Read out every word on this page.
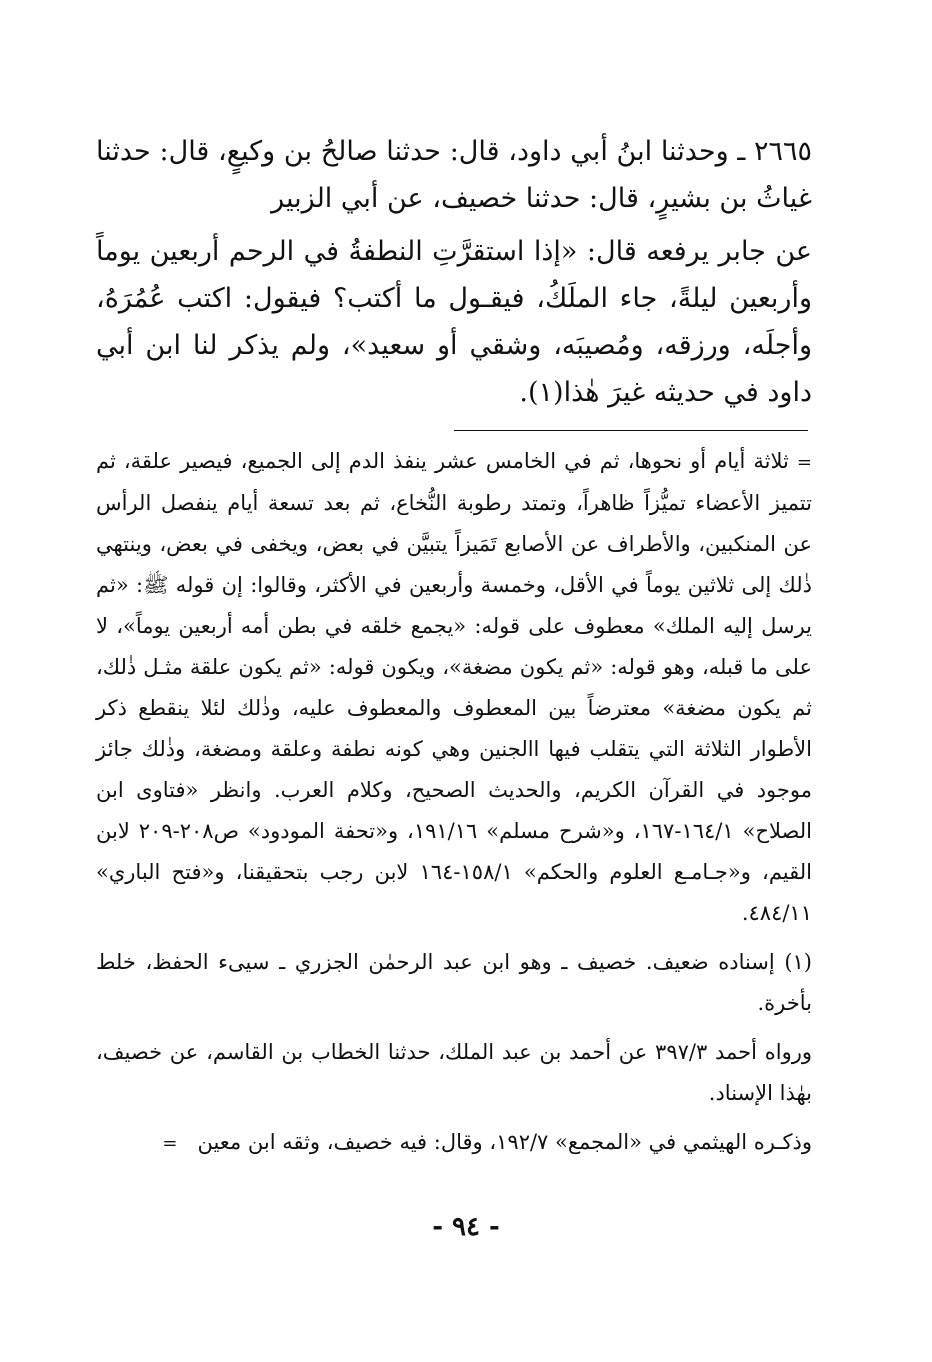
٢٦٦٥ ـ وحدثنا ابنُ أبي داود، قال: حدثنا صالحُ بن وكيعٍ، قال: حدثنا غياثُ بن بشيرٍ، قال: حدثنا خصيف، عن أبي الزبير

عن جابر يرفعه قال: «إذا استقرَّتِ النطفةُ في الرحم أربعين يوماً وأربعين ليلةً، جاء الملَكُ، فيقـول ما أكتب؟ فيقول: اكتب عُمُرَهُ، وأجلَه، ورزقه، ومُصيبَه، وشقي أو سعيد»، ولم يذكر لنا ابن أبي داود في حديثه غيرَ هٰذا(١).

= ثلاثة أيام أو نحوها، ثم في الخامس عشر ينفذ الدم إلى الجميع، فيصير علقة، ثم تتميز الأعضاء تميُّزاً ظاهراً، وتمتد رطوبة النُّخاع، ثم بعد تسعة أيام ينفصل الرأس عن المنكبين، والأطراف عن الأصابع تَمَيزاً يتبيَّن في بعض، ويخفى في بعض، وينتهي ذٰلك إلى ثلاثين يوماً في الأقل، وخمسة وأربعين في الأكثر، وقالوا: إن قوله ﷺ: «ثم يرسل إليه الملك» معطوف على قوله: «يجمع خلقه في بطن أمه أربعين يوماً»، لا على ما قبله، وهو قوله: «ثم يكون مضغة»، ويكون قوله: «ثم يكون علقة مثـل ذٰلك، ثم يكون مضغة» معترضاً بين المعطوف والمعطوف عليه، وذٰلك لئلا ينقطع ذكر الأطوار الثلاثة التي يتقلب فيها االجنين وهي كونه نطفة وعلقة ومضغة، وذٰلك جائز موجود في القرآن الكريم، والحديث الصحيح، وكلام العرب. وانظر «فتاوى ابن الصلاح» ١٦٤/١-١٦٧، و«شرح مسلم» ١٩١/١٦، و«تحفة المودود» ص٢٠٨-٢٠٩ لابن القيم، و«جـامـع العلوم والحكم» ١٥٨/١-١٦٤ لابن رجب بتحقيقنا، و«فتح الباري» ٤٨٤/١١.

(١) إسناده ضعيف. خصيف ـ وهو ابن عبد الرحمٰن الجزري ـ سيىء الحفظ، خلط بأخرة.

ورواه أحمد ٣٩٧/٣ عن أحمد بن عبد الملك، حدثنا الخطاب بن القاسم، عن خصيف، بهٰذا الإسناد.

وذكـره الهيثمي في «المجمع» ١٩٢/٧، وقال: فيه خصيف، وثقه ابن معين   =

- ٩٤ -
